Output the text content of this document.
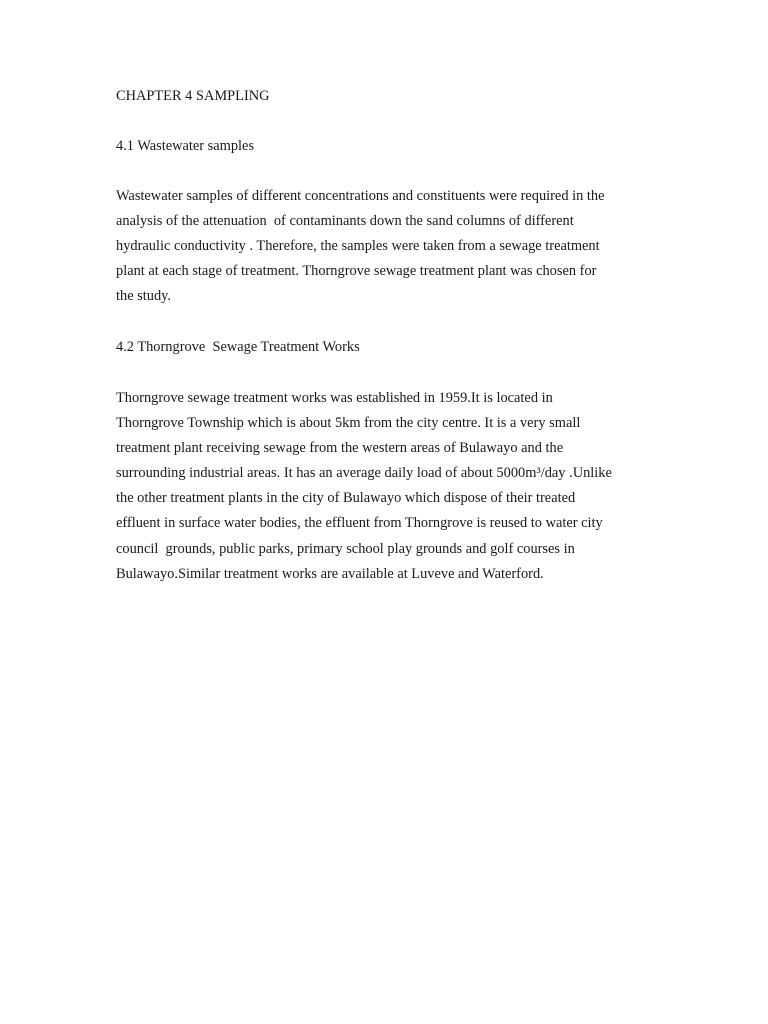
CHAPTER 4 SAMPLING
4.1 Wastewater samples
Wastewater samples of different concentrations and constituents were required in the
analysis of the attenuation  of contaminants down the sand columns of different
hydraulic conductivity . Therefore, the samples were taken from a sewage treatment
plant at each stage of treatment. Thorngrove sewage treatment plant was chosen for
the study.
4.2 Thorngrove  Sewage Treatment Works
Thorngrove sewage treatment works was established in 1959.It is located in
Thorngrove Township which is about 5km from the city centre. It is a very small
treatment plant receiving sewage from the western areas of Bulawayo and the
surrounding industrial areas. It has an average daily load of about 5000m³/day .Unlike
the other treatment plants in the city of Bulawayo which dispose of their treated
effluent in surface water bodies, the effluent from Thorngrove is reused to water city
council  grounds, public parks, primary school play grounds and golf courses in
Bulawayo.Similar treatment works are available at Luveve and Waterford.
